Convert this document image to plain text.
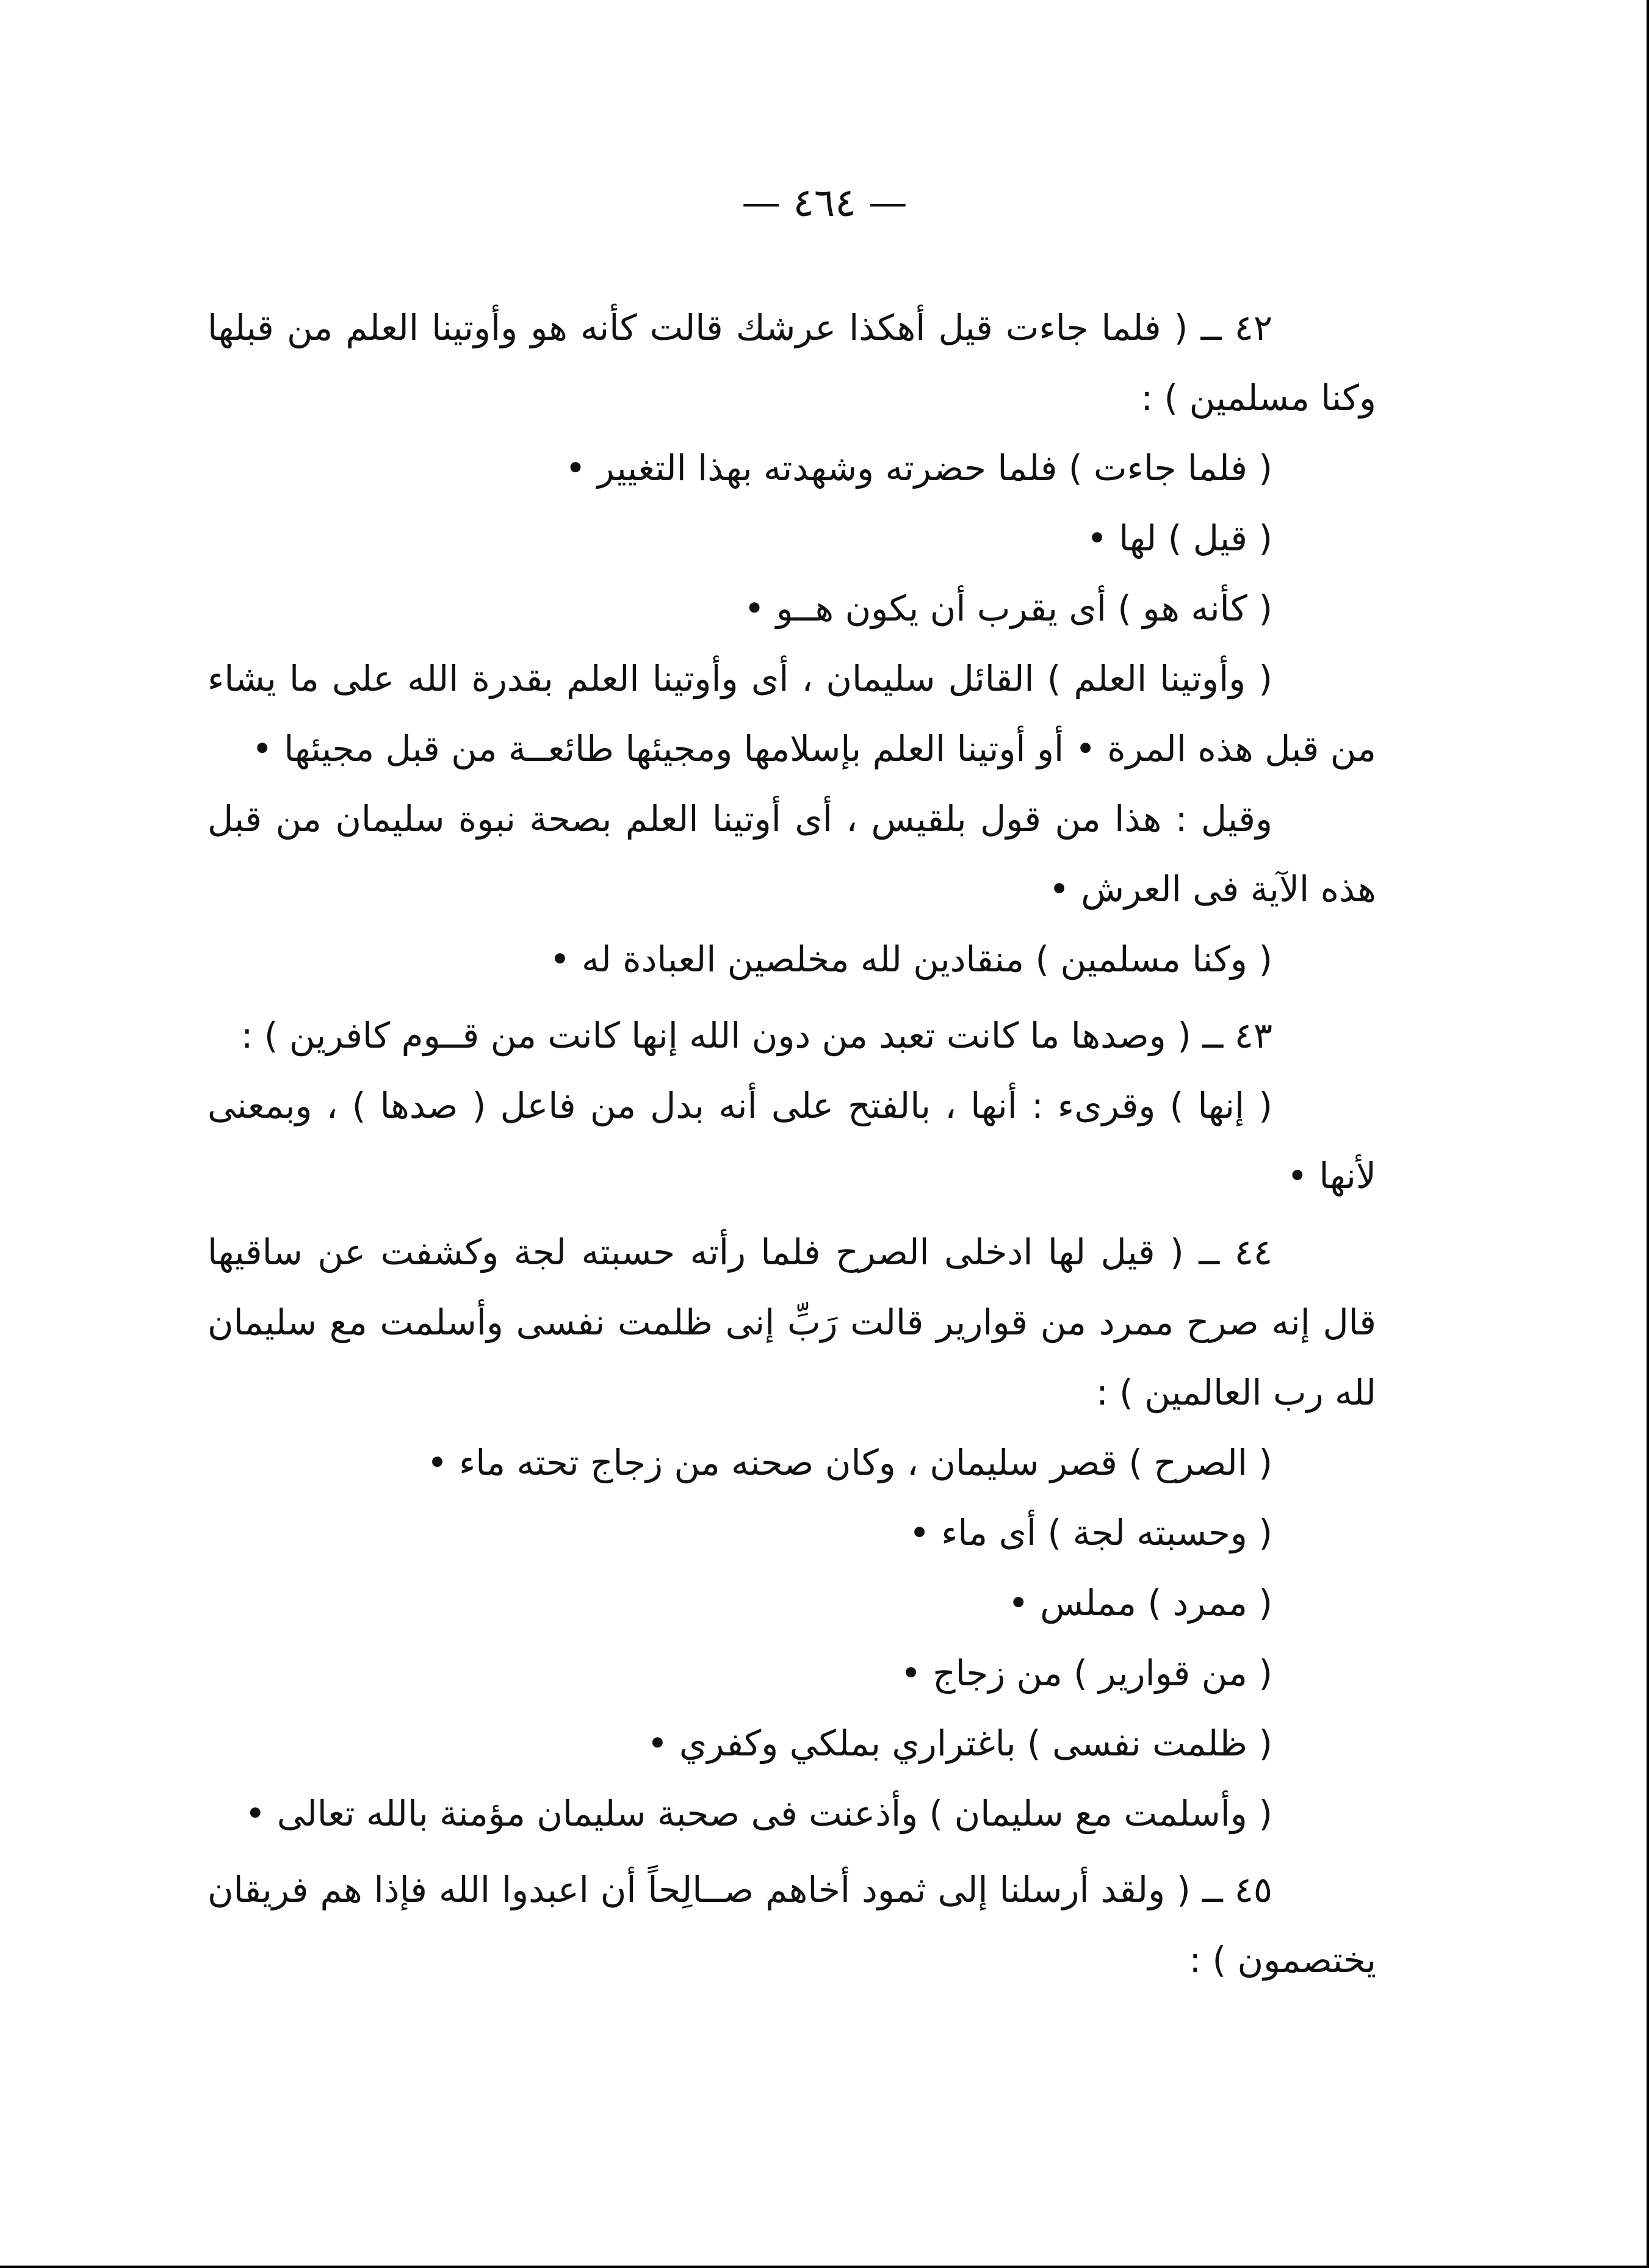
— ٤٦٤ —

٤٢ ــ ( فلما جاءت قيل أهكذا عرشك قالت كأنه هو وأوتينا العلم من قبلها وكنا مسلمين ) :

( فلما جاءت ) فلما حضرته وشهدته بهذا التغيير •

( قيل ) لها •

( كأنه هو ) أى يقرب أن يكون هــو •

( وأوتينا العلم ) القائل سليمان ، أى وأوتينا العلم بقدرة الله على ما يشاء من قبل هذه المرة • أو أوتينا العلم بإسلامها ومجيئها طائعــة من قبل مجيئها •

وقيل : هذا من قول بلقيس ، أى أوتينا العلم بصحة نبوة سليمان من قبل هذه الآية فى العرش •

( وكنا مسلمين ) منقادين لله مخلصين العبادة له •

٤٣ ــ ( وصدها ما كانت تعبد من دون الله إنها كانت من قــوم كافرين ) :

( إنها ) وقرىء : أنها ، بالفتح على أنه بدل من فاعل ( صدها ) ، وبمعنى لأنها •

٤٤ ــ ( قيل لها ادخلى الصرح فلما رأته حسبته لجة وكشفت عن ساقيها قال إنه صرح ممرد من قوارير قالت رَبِّ إنى ظلمت نفسى وأسلمت مع سليمان لله رب العالمين ) :

( الصرح ) قصر سليمان ، وكان صحنه من زجاج تحته ماء •

( وحسبته لجة ) أى ماء •

( ممرد ) مملس •

( من قوارير ) من زجاج •

( ظلمت نفسى ) باغتراري بملكي وكفري •

( وأسلمت مع سليمان ) وأذعنت فى صحبة سليمان مؤمنة بالله تعالى •

٤٥ ــ ( ولقد أرسلنا إلى ثمود أخاهم صــالِحاً أن اعبدوا الله فإذا هم فريقان يختصمون ) :
